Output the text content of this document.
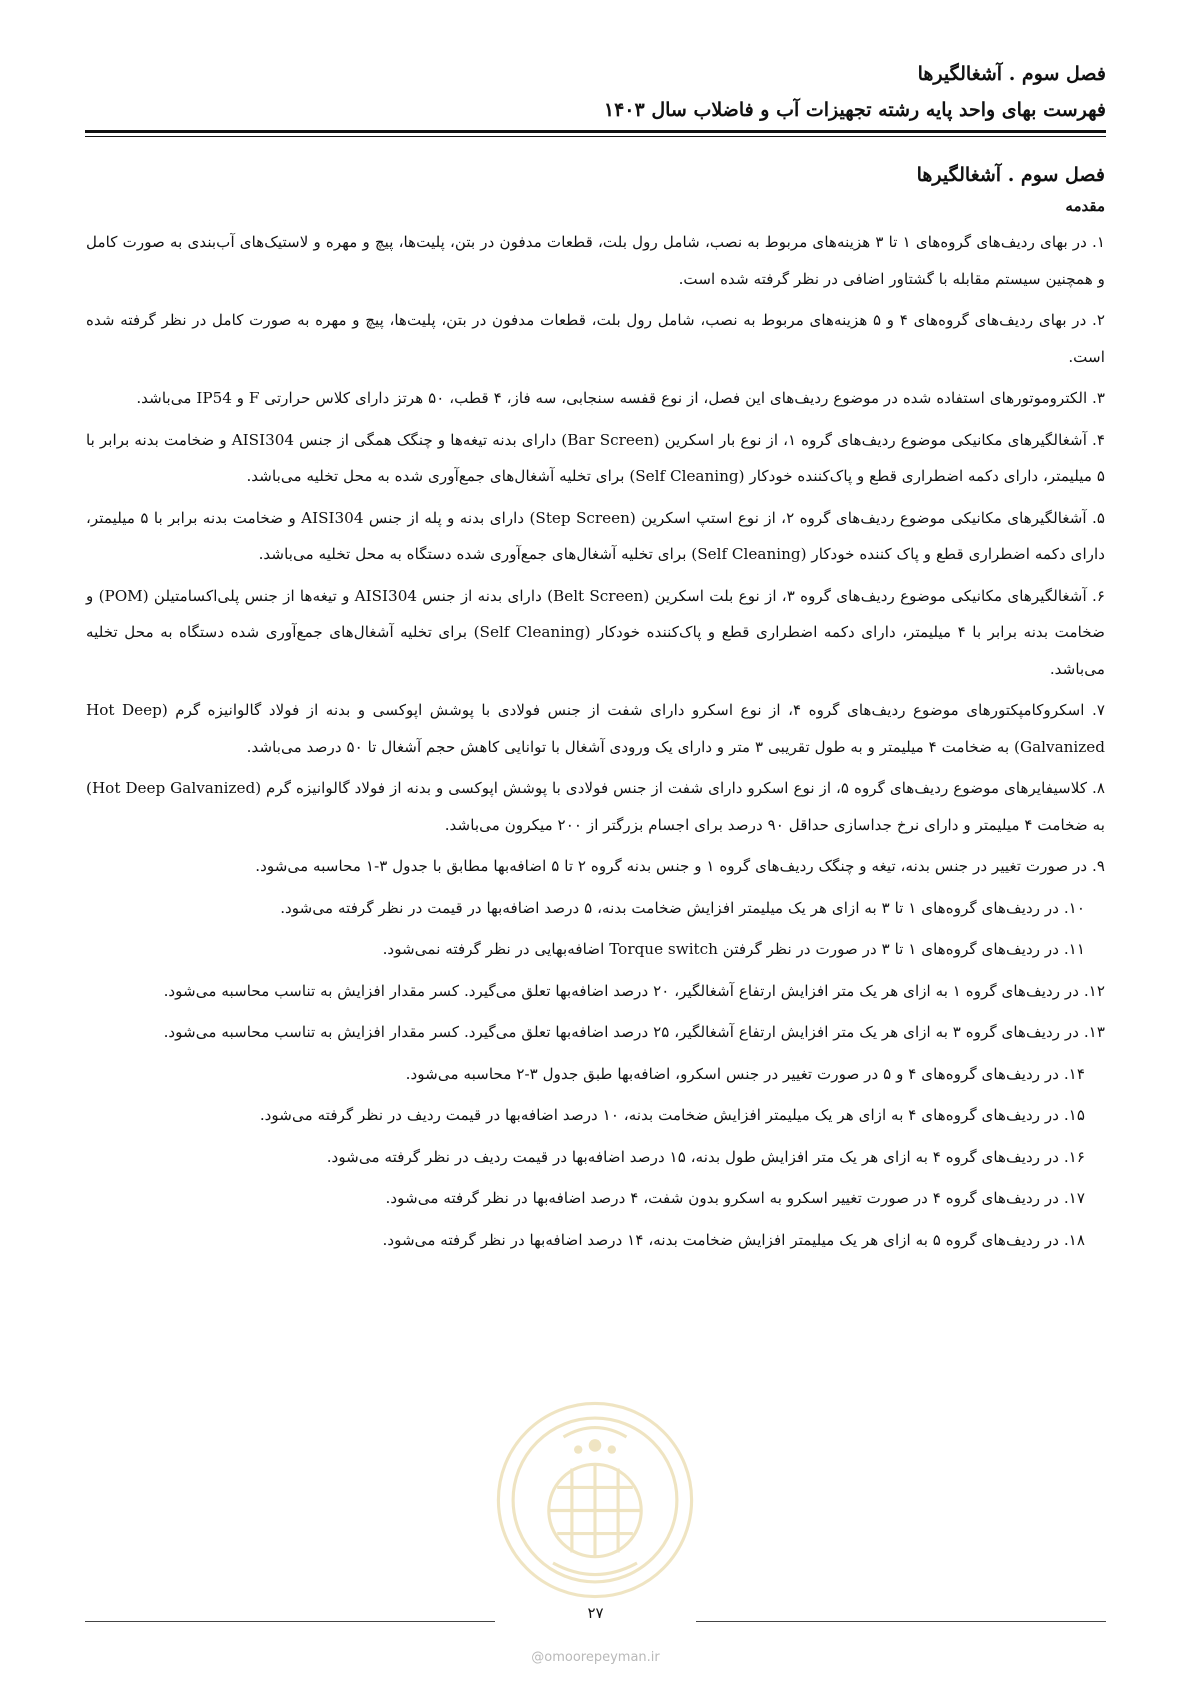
فصل سوم . آشغالگیرها
فهرست بهای واحد پایه رشته تجهیزات آب و فاضلاب سال ۱۴۰۳
فصل سوم . آشغالگیرها
مقدمه

۱. در بهای ردیف‌های گروه‌های ۱ تا ۳ هزینه‌های مربوط به نصب، شامل رول بلت، قطعات مدفون در بتن، پلیت‌ها، پیچ و مهره و لاستیک‌های آب‌بندی به صورت کامل و همچنین سیستم مقابله با گشتاور اضافی در نظر گرفته شده است.

۲. در بهای ردیف‌های گروه‌های ۴ و ۵ هزینه‌های مربوط به نصب، شامل رول بلت، قطعات مدفون در بتن، پلیت‌ها، پیچ و مهره به صورت کامل در نظر گرفته شده است.

۳. الکتروموتورهای استفاده شده در موضوع ردیف‌های این فصل، از نوع قفسه سنجابی، سه فاز، ۴ قطب، ۵۰ هرتز دارای کلاس حرارتی F و IP54 می‌باشد.

۴. آشغالگیرهای مکانیکی موضوع ردیف‌های گروه ۱، از نوع بار اسکرین (Bar Screen) دارای بدنه تیغه‌ها و چنگک همگی از جنس AISI304 و ضخامت بدنه برابر با ۵ میلیمتر، دارای دکمه اضطراری قطع و پاک‌کننده خودکار (Self Cleaning) برای تخلیه آشغال‌های جمع‌آوری شده به محل تخلیه می‌باشد.

۵. آشغالگیرهای مکانیکی موضوع ردیف‌های گروه ۲، از نوع استپ اسکرین (Step Screen) دارای بدنه و پله از جنس AISI304 و ضخامت بدنه برابر با ۵ میلیمتر، دارای دکمه اضطراری قطع و پاک کننده خودکار (Self Cleaning) برای تخلیه آشغال‌های جمع‌آوری شده دستگاه به محل تخلیه می‌باشد.

۶. آشغالگیرهای مکانیکی موضوع ردیف‌های گروه ۳، از نوع بلت اسکرین (Belt Screen) دارای بدنه از جنس AISI304 و تیغه‌ها از جنس پلی‌اکسامتیلن (POM) و ضخامت بدنه برابر با ۴ میلیمتر، دارای دکمه اضطراری قطع و پاک‌کننده خودکار (Self Cleaning) برای تخلیه آشغال‌های جمع‌آوری شده دستگاه به محل تخلیه می‌باشد.

۷. اسکروکامپکتورهای موضوع ردیف‌های گروه ۴، از نوع اسکرو دارای شفت از جنس فولادی با پوشش اپوکسی و بدنه از فولاد گالوانیزه گرم (Hot Deep Galvanized) به ضخامت ۴ میلیمتر و به طول تقریبی ۳ متر و دارای یک ورودی آشغال با توانایی کاهش حجم آشغال تا ۵۰ درصد می‌باشد.

۸. کلاسیفایرهای موضوع ردیف‌های گروه ۵، از نوع اسکرو دارای شفت از جنس فولادی با پوشش اپوکسی و بدنه از فولاد گالوانیزه گرم (Hot Deep Galvanized) به ضخامت ۴ میلیمتر و دارای نرخ جداسازی حداقل ۹۰ درصد برای اجسام بزرگتر از ۲۰۰ میکرون می‌باشد.

۹. در صورت تغییر در جنس بدنه، تیغه و چنگک ردیف‌های گروه ۱ و جنس بدنه گروه ۲ تا ۵ اضافه‌بها مطابق با جدول ۳-۱ محاسبه می‌شود.

۱۰. در ردیف‌های گروه‌های ۱ تا ۳ به ازای هر یک میلیمتر افزایش ضخامت بدنه، ۵ درصد اضافه‌بها در قیمت در نظر گرفته می‌شود.

۱۱. در ردیف‌های گروه‌های ۱ تا ۳ در صورت در نظر گرفتن Torque switch اضافه‌بهایی در نظر گرفته نمی‌شود.

۱۲. در ردیف‌های گروه ۱ به ازای هر یک متر افزایش ارتفاع آشغالگیر، ۲۰ درصد اضافه‌بها تعلق می‌گیرد. کسر مقدار افزایش به تناسب محاسبه می‌شود.

۱۳. در ردیف‌های گروه ۳ به ازای هر یک متر افزایش ارتفاع آشغالگیر، ۲۵ درصد اضافه‌بها تعلق می‌گیرد. کسر مقدار افزایش به تناسب محاسبه می‌شود.

۱۴. در ردیف‌های گروه‌های ۴ و ۵ در صورت تغییر در جنس اسکرو، اضافه‌بها طبق جدول ۳-۲ محاسبه می‌شود.

۱۵. در ردیف‌های گروه‌های ۴ به ازای هر یک میلیمتر افزایش ضخامت بدنه، ۱۰ درصد اضافه‌بها در قیمت ردیف در نظر گرفته می‌شود.

۱۶. در ردیف‌های گروه ۴ به ازای هر یک متر افزایش طول بدنه، ۱۵ درصد اضافه‌بها در قیمت ردیف در نظر گرفته می‌شود.

۱۷. در ردیف‌های گروه ۴ در صورت تغییر اسکرو به اسکرو بدون شفت، ۴ درصد اضافه‌بها در نظر گرفته می‌شود.

۱۸. در ردیف‌های گروه ۵ به ازای هر یک میلیمتر افزایش ضخامت بدنه، ۱۴ درصد اضافه‌بها در نظر گرفته می‌شود.

۲۷
@omoorepeyman.ir
